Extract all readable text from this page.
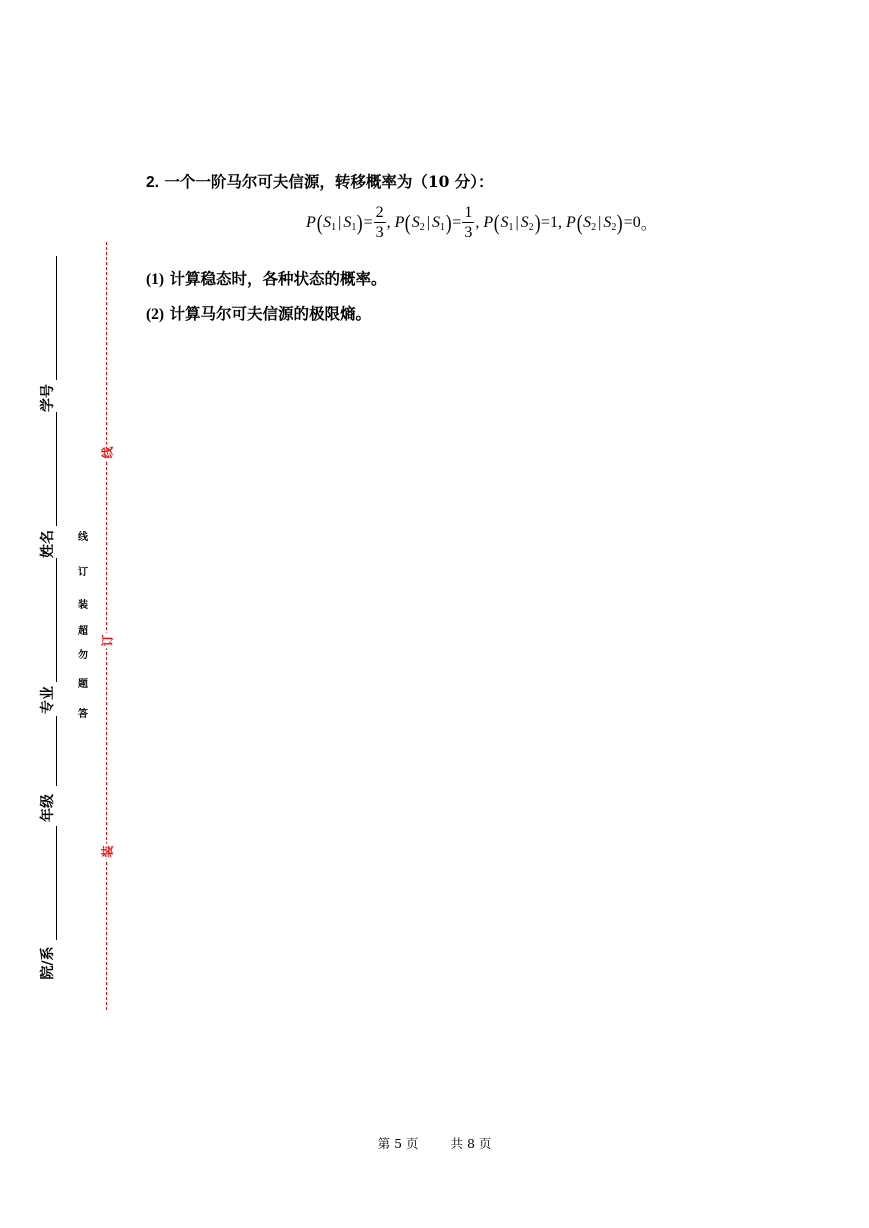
2. 一个一阶马尔可夫信源，转移概率为（10 分）：
P(S1 | $S1)= \frac{2}{3}$ , P(S2 | $S1)= \frac{1}{3}$ , P(S1 | S2)=1, P(S2 | S2)=0。
(1) 计算稳态时，各种状态的概率。
(2) 计算马尔可夫信源的极限熵。
学号
姓名
专业
年级
院/系
线
订
装
超
勿
题
答
线
订
装
第 5 页	共 8 页
